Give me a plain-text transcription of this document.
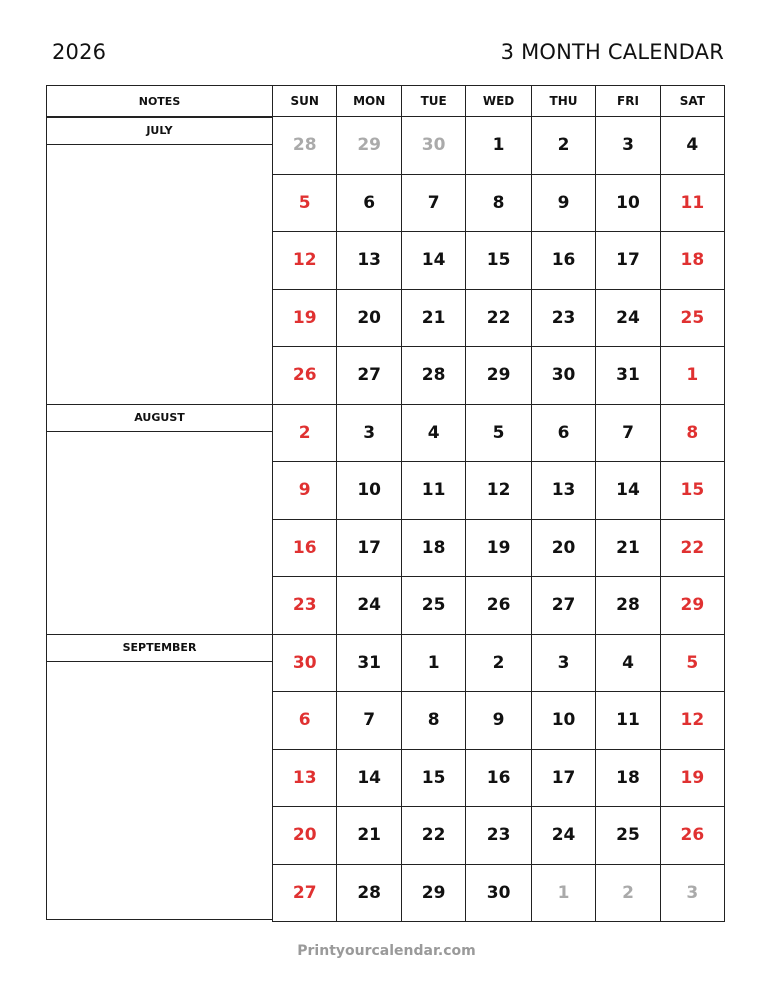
2026	3 MONTH CALENDAR
NOTES
JULY
AUGUST
SEPTEMBER
SUN	MON	TUE	WED	THU	FRI	SAT
28	29	30	1	2	3	4
5	6	7	8	9	10	11
12	13	14	15	16	17	18
19	20	21	22	23	24	25
26	27	28	29	30	31	1
2	3	4	5	6	7	8
9	10	11	12	13	14	15
16	17	18	19	20	21	22
23	24	25	26	27	28	29
30	31	1	2	3	4	5
6	7	8	9	10	11	12
13	14	15	16	17	18	19
20	21	22	23	24	25	26
27	28	29	30	1	2	3
Printyourcalendar.com
